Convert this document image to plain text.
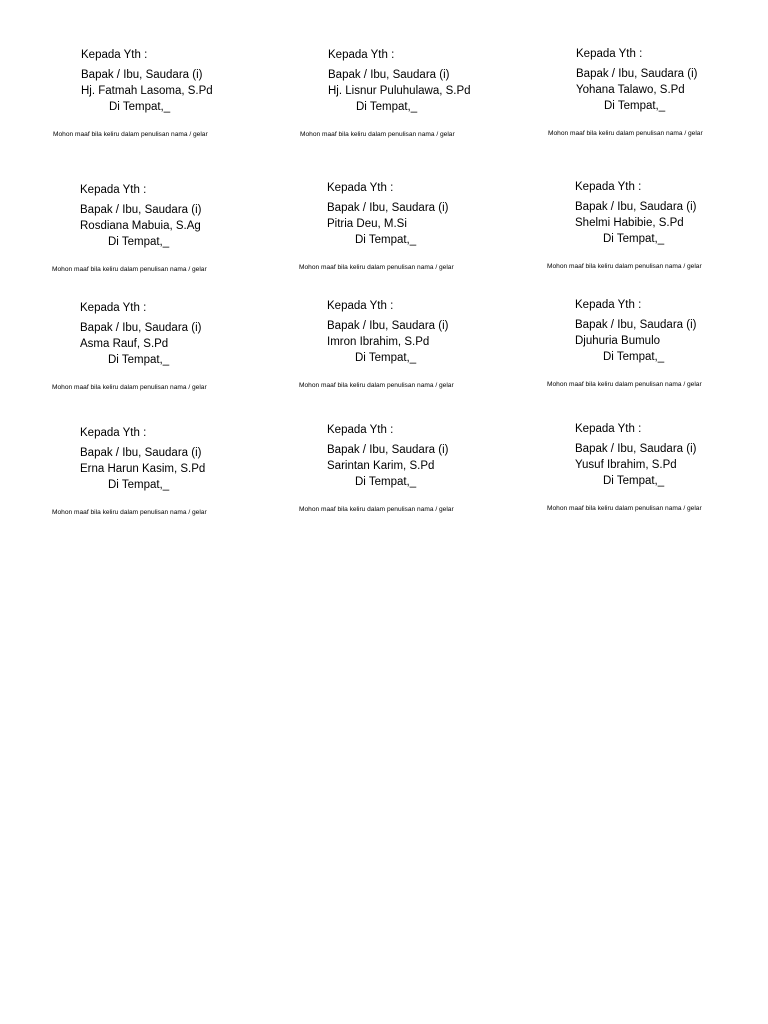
Kepada Yth :
Bapak / Ibu, Saudara (i)
Hj. Fatmah Lasoma, S.Pd
Di Tempat,_
Mohon maaf bila keliru dalam penulisan nama / gelar
Kepada Yth :
Bapak / Ibu, Saudara (i)
Hj. Lisnur Puluhulawa, S.Pd
Di Tempat,_
Mohon maaf bila keliru dalam penulisan nama / gelar
Kepada Yth :
Bapak / Ibu, Saudara (i)
Yohana Talawo, S.Pd
Di Tempat,_
Mohon maaf bila keliru dalam penulisan nama / gelar
Kepada Yth :
Bapak / Ibu, Saudara (i)
Rosdiana Mabuia, S.Ag
Di Tempat,_
Mohon maaf bila keliru dalam penulisan nama / gelar
Kepada Yth :
Bapak / Ibu, Saudara (i)
Pitria Deu, M.Si
Di Tempat,_
Mohon maaf bila keliru dalam penulisan nama / gelar
Kepada Yth :
Bapak / Ibu, Saudara (i)
Shelmi Habibie, S.Pd
Di Tempat,_
Mohon maaf bila keliru dalam penulisan nama / gelar
Kepada Yth :
Bapak / Ibu, Saudara (i)
Asma Rauf, S.Pd
Di Tempat,_
Mohon maaf bila keliru dalam penulisan nama / gelar
Kepada Yth :
Bapak / Ibu, Saudara (i)
Imron Ibrahim, S.Pd
Di Tempat,_
Mohon maaf bila keliru dalam penulisan nama / gelar
Kepada Yth :
Bapak / Ibu, Saudara (i)
Djuhuria Bumulo
Di Tempat,_
Mohon maaf bila keliru dalam penulisan nama / gelar
Kepada Yth :
Bapak / Ibu, Saudara (i)
Erna Harun Kasim, S.Pd
Di Tempat,_
Mohon maaf bila keliru dalam penulisan nama / gelar
Kepada Yth :
Bapak / Ibu, Saudara (i)
Sarintan Karim, S.Pd
Di Tempat,_
Mohon maaf bila keliru dalam penulisan nama / gelar
Kepada Yth :
Bapak / Ibu, Saudara (i)
Yusuf Ibrahim, S.Pd
Di Tempat,_
Mohon maaf bila keliru dalam penulisan nama / gelar
